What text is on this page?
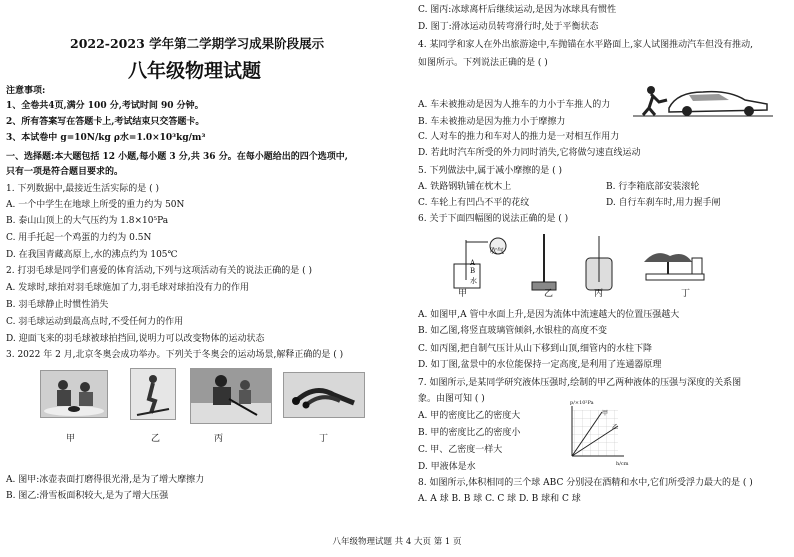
2022-2023 学年第二学期学习成果阶段展示
八年级物理试题
注意事项:
1、全卷共4页,满分 100 分,考试时间 90 分钟。
2、所有答案写在答题卡上,考试结束只交答题卡。
3、本试卷中 g=10N/kg ρ水=1.0×10³kg/m³
一、选择题:本大题包括 12 小题,每小题 3 分,共 36 分。在每小题给出的四个选项中,
只有一项是符合题目要求的。
1. 下列数据中,最接近生活实际的是 ( )
A. 一个中学生在地球上所受的重力约为 50N
B. 泰山山顶上的大气压约为 1.8×10⁵Pa
C. 用手托起一个鸡蛋的力约为 0.5N
D. 在我国青藏高原上,水的沸点约为 105℃
2. 打羽毛球是同学们喜爱的体育活动,下列与这项活动有关的说法正确的是 ( )
A. 发球时,球拍对羽毛球施加了力,羽毛球对球拍没有力的作用
B. 羽毛球静止时惯性消失
C. 羽毛球运动到最高点时,不受任何力的作用
D. 迎面飞来的羽毛球被球拍挡回,说明力可以改变物体的运动状态
3. 2022 年 2 月,北京冬奥会成功举办。下列关于冬奥会的运动场景,解释正确的是 ( )
甲	乙	丙	丁
A. 图甲:冰壶表面打磨得很光滑,是为了增大摩擦力
B. 图乙:滑雪板面积较大,是为了增大压强
C. 图丙:冰球离杆后继续运动,是因为冰球具有惯性
D. 图丁:滑冰运动员转弯滑行时,处于平衡状态
4. 某同学和家人在外出旅游途中,车抛锚在水平路面上,家人试图推动汽车但没有推动,
如图所示。下列说法正确的是 ( )
A. 车未被推动是因为人推车的力小于车推人的力
B. 车未被推动是因为推力小于摩擦力
C. 人对车的推力和车对人的推力是一对相互作用力
D. 若此时汽车所受的外力同时消失,它将做匀速直线运动
5. 下列做法中,属于减小摩擦的是 ( )
A. 铁路钢轨铺在枕木上	B. 行李箱底部安装滚轮
C. 车轮上有凹凸不平的花纹	D. 自行车刹车时,用力握手闸
6. 关于下面四幅图的说法正确的是 ( )
A
B
吹气
水
甲	乙	丙	丁
A. 如图甲,A 管中水面上升,是因为流体中流速越大的位置压强越大
B. 如乙图,将竖直玻璃管倾斜,水银柱的高度不变
C. 如丙图,把自制气压计从山下移到山顶,细管内的水柱下降
D. 如丁图,盆景中的水位能保持一定高度,是利用了连通器原理
7. 如图所示,是某同学研究液体压强时,绘制的甲乙两种液体的压强与深度的关系图
象。由图可知 ( )	p/×10²Pa
h/cm
甲
乙
A. 甲的密度比乙的密度大
B. 甲的密度比乙的密度小
C. 甲、乙密度一样大
D. 甲液体是水
8. 如图所示,体积相同的三个球 ABC 分别浸在酒精和水中,它们所受浮力最大的是 ( )
A. A 球 B. B 球 C. C 球 D. B 球和 C 球
八年级物理试题 共 4 大页 第 1 页
